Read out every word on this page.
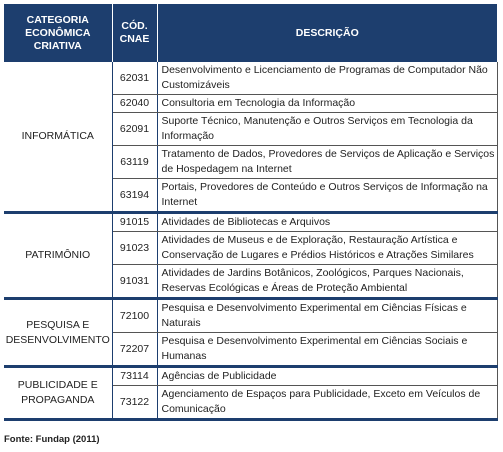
CATEGORIA ECONÔMICA CRIATIVA	CÓD. CNAE	DESCRIÇÃO
INFORMÁTICA	62031	Desenvolvimento e Licenciamento de Programas de Computador Não Customizáveis
	62040	Consultoria em Tecnologia da Informação
	62091	Suporte Técnico, Manutenção e Outros Serviços em Tecnologia da Informação
	63119	Tratamento de Dados, Provedores de Serviços de Aplicação e Serviços de Hospedagem na Internet
	63194	Portais, Provedores de Conteúdo e Outros Serviços de Informação na Internet
PATRIMÔNIO	91015	Atividades de Bibliotecas e Arquivos
	91023	Atividades de Museus e de Exploração, Restauração Artística e Conservação de Lugares e Prédios Históricos e Atrações Similares
	91031	Atividades de Jardins Botânicos, Zoológicos, Parques Nacionais, Reservas Ecológicas e Áreas de Proteção Ambiental
PESQUISA E DESENVOLVIMENTO	72100	Pesquisa e Desenvolvimento Experimental em Ciências Físicas e Naturais
	72207	Pesquisa e Desenvolvimento Experimental em Ciências Sociais e Humanas
PUBLICIDADE E PROPAGANDA	73114	Agências de Publicidade
	73122	Agenciamento de Espaços para Publicidade, Exceto em Veículos de Comunicação
Fonte: Fundap (2011)
